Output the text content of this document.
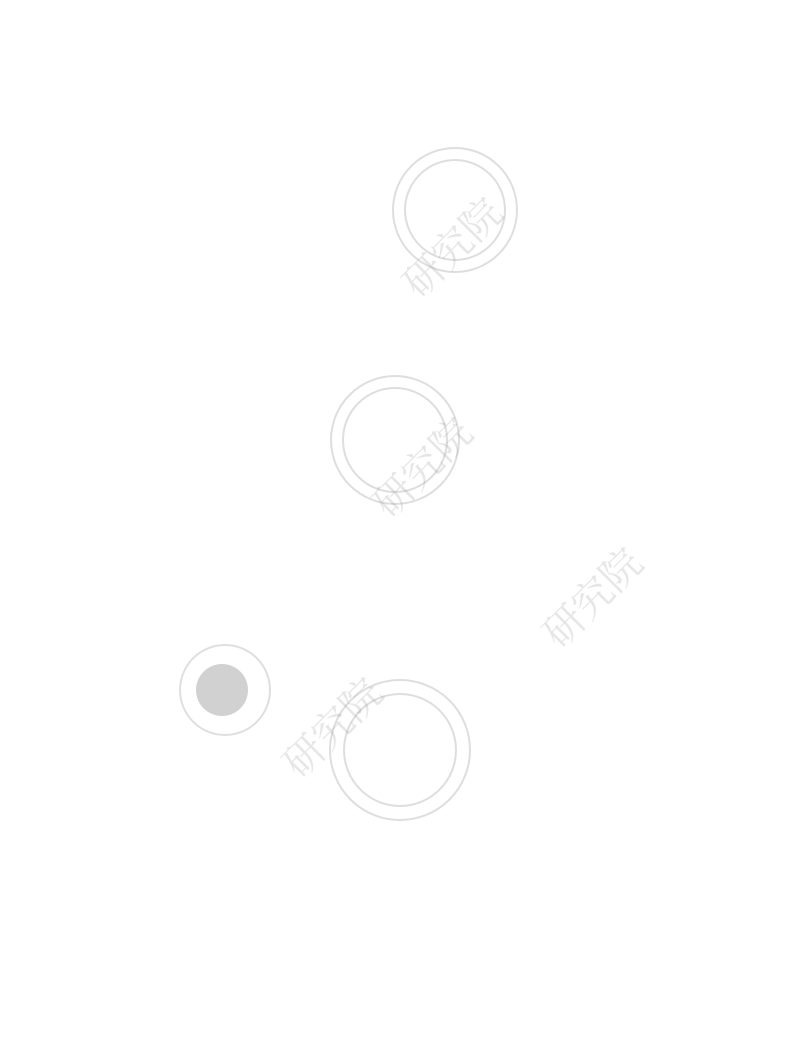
研究院
研究院
研究院
研究院
